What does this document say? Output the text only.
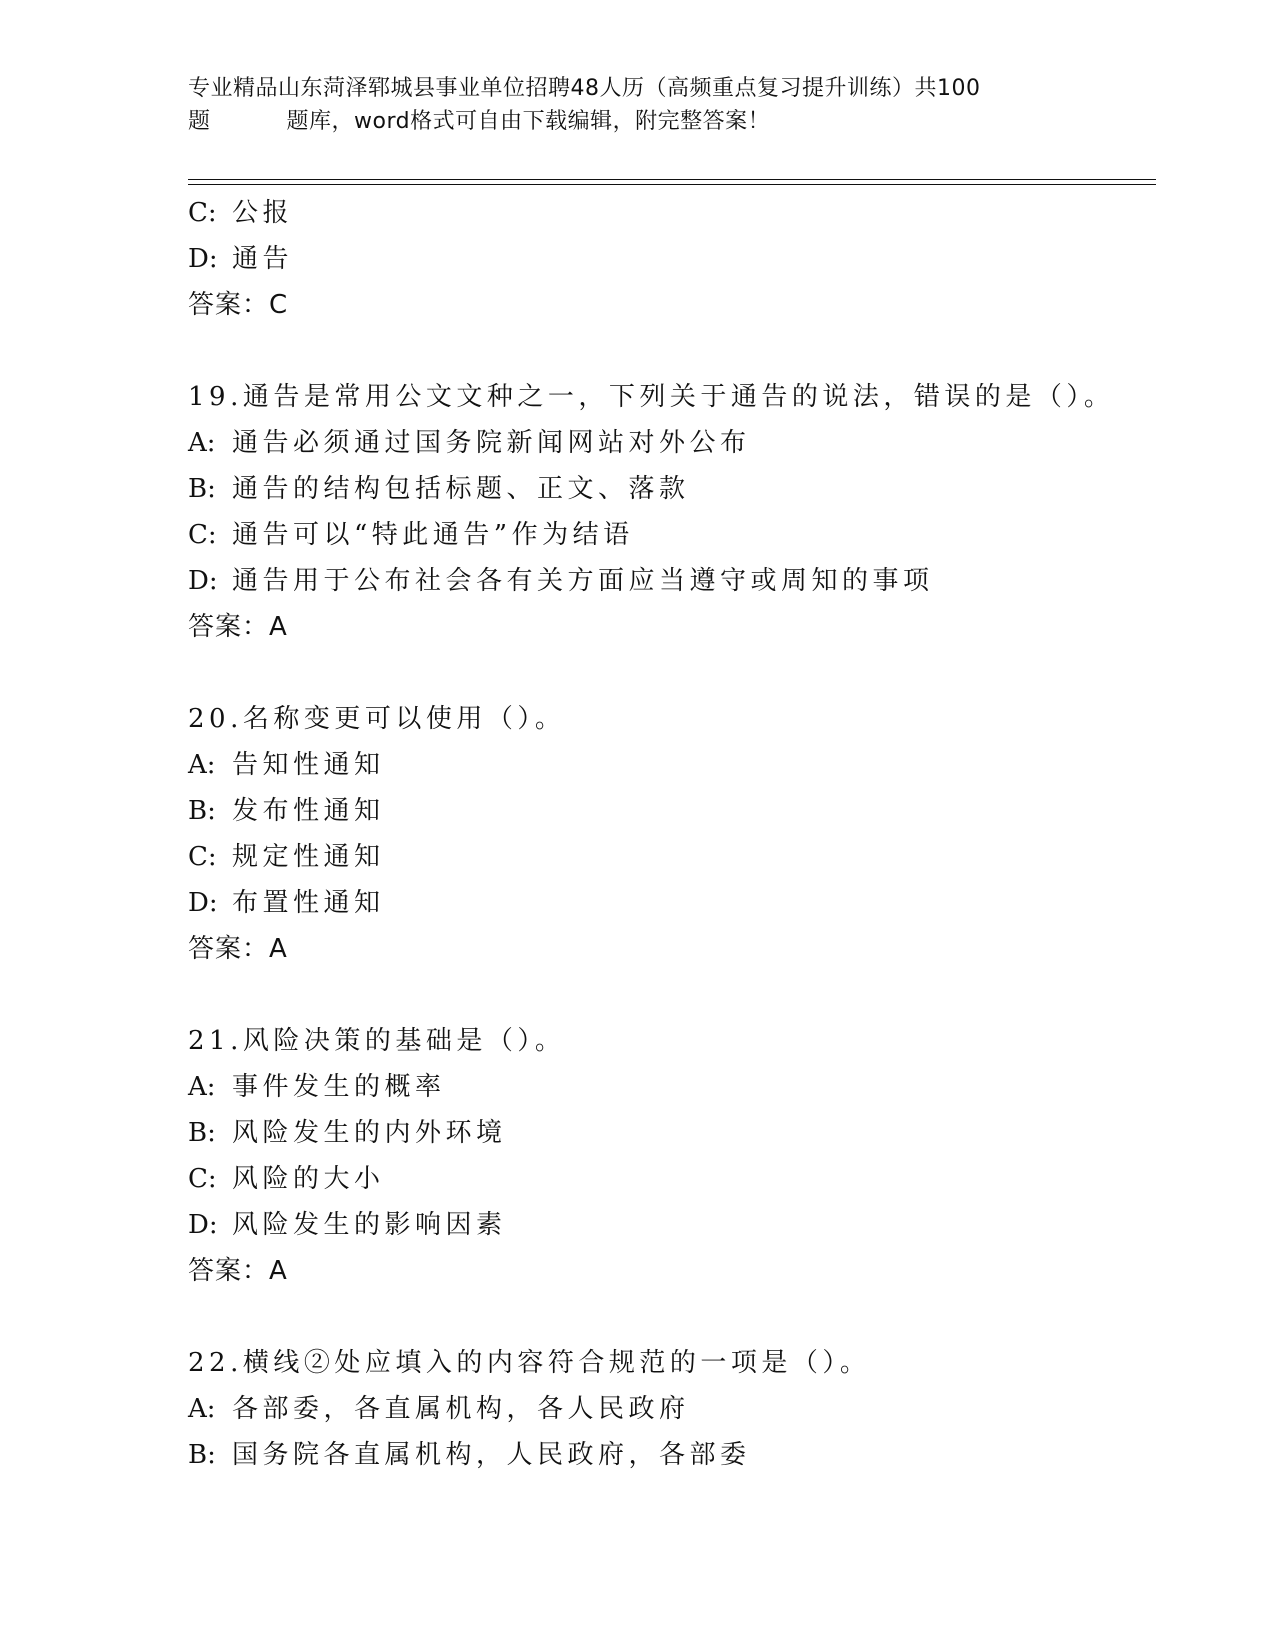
专业精品山东菏泽郓城县事业单位招聘48人历（高频重点复习提升训练）共100
题	题库，word格式可自由下载编辑，附完整答案！
C: 公报
D: 通告
答案：C
19.通告是常用公文文种之一，下列关于通告的说法，错误的是（）。
A: 通告必须通过国务院新闻网站对外公布
B: 通告的结构包括标题、正文、落款
C: 通告可以“特此通告”作为结语
D: 通告用于公布社会各有关方面应当遵守或周知的事项
答案：A
20.名称变更可以使用（）。
A: 告知性通知
B: 发布性通知
C: 规定性通知
D: 布置性通知
答案：A
21.风险决策的基础是（）。
A: 事件发生的概率
B: 风险发生的内外环境
C: 风险的大小
D: 风险发生的影响因素
答案：A
22.横线②处应填入的内容符合规范的一项是（）。
A: 各部委，各直属机构，各人民政府
B: 国务院各直属机构，人民政府，各部委
